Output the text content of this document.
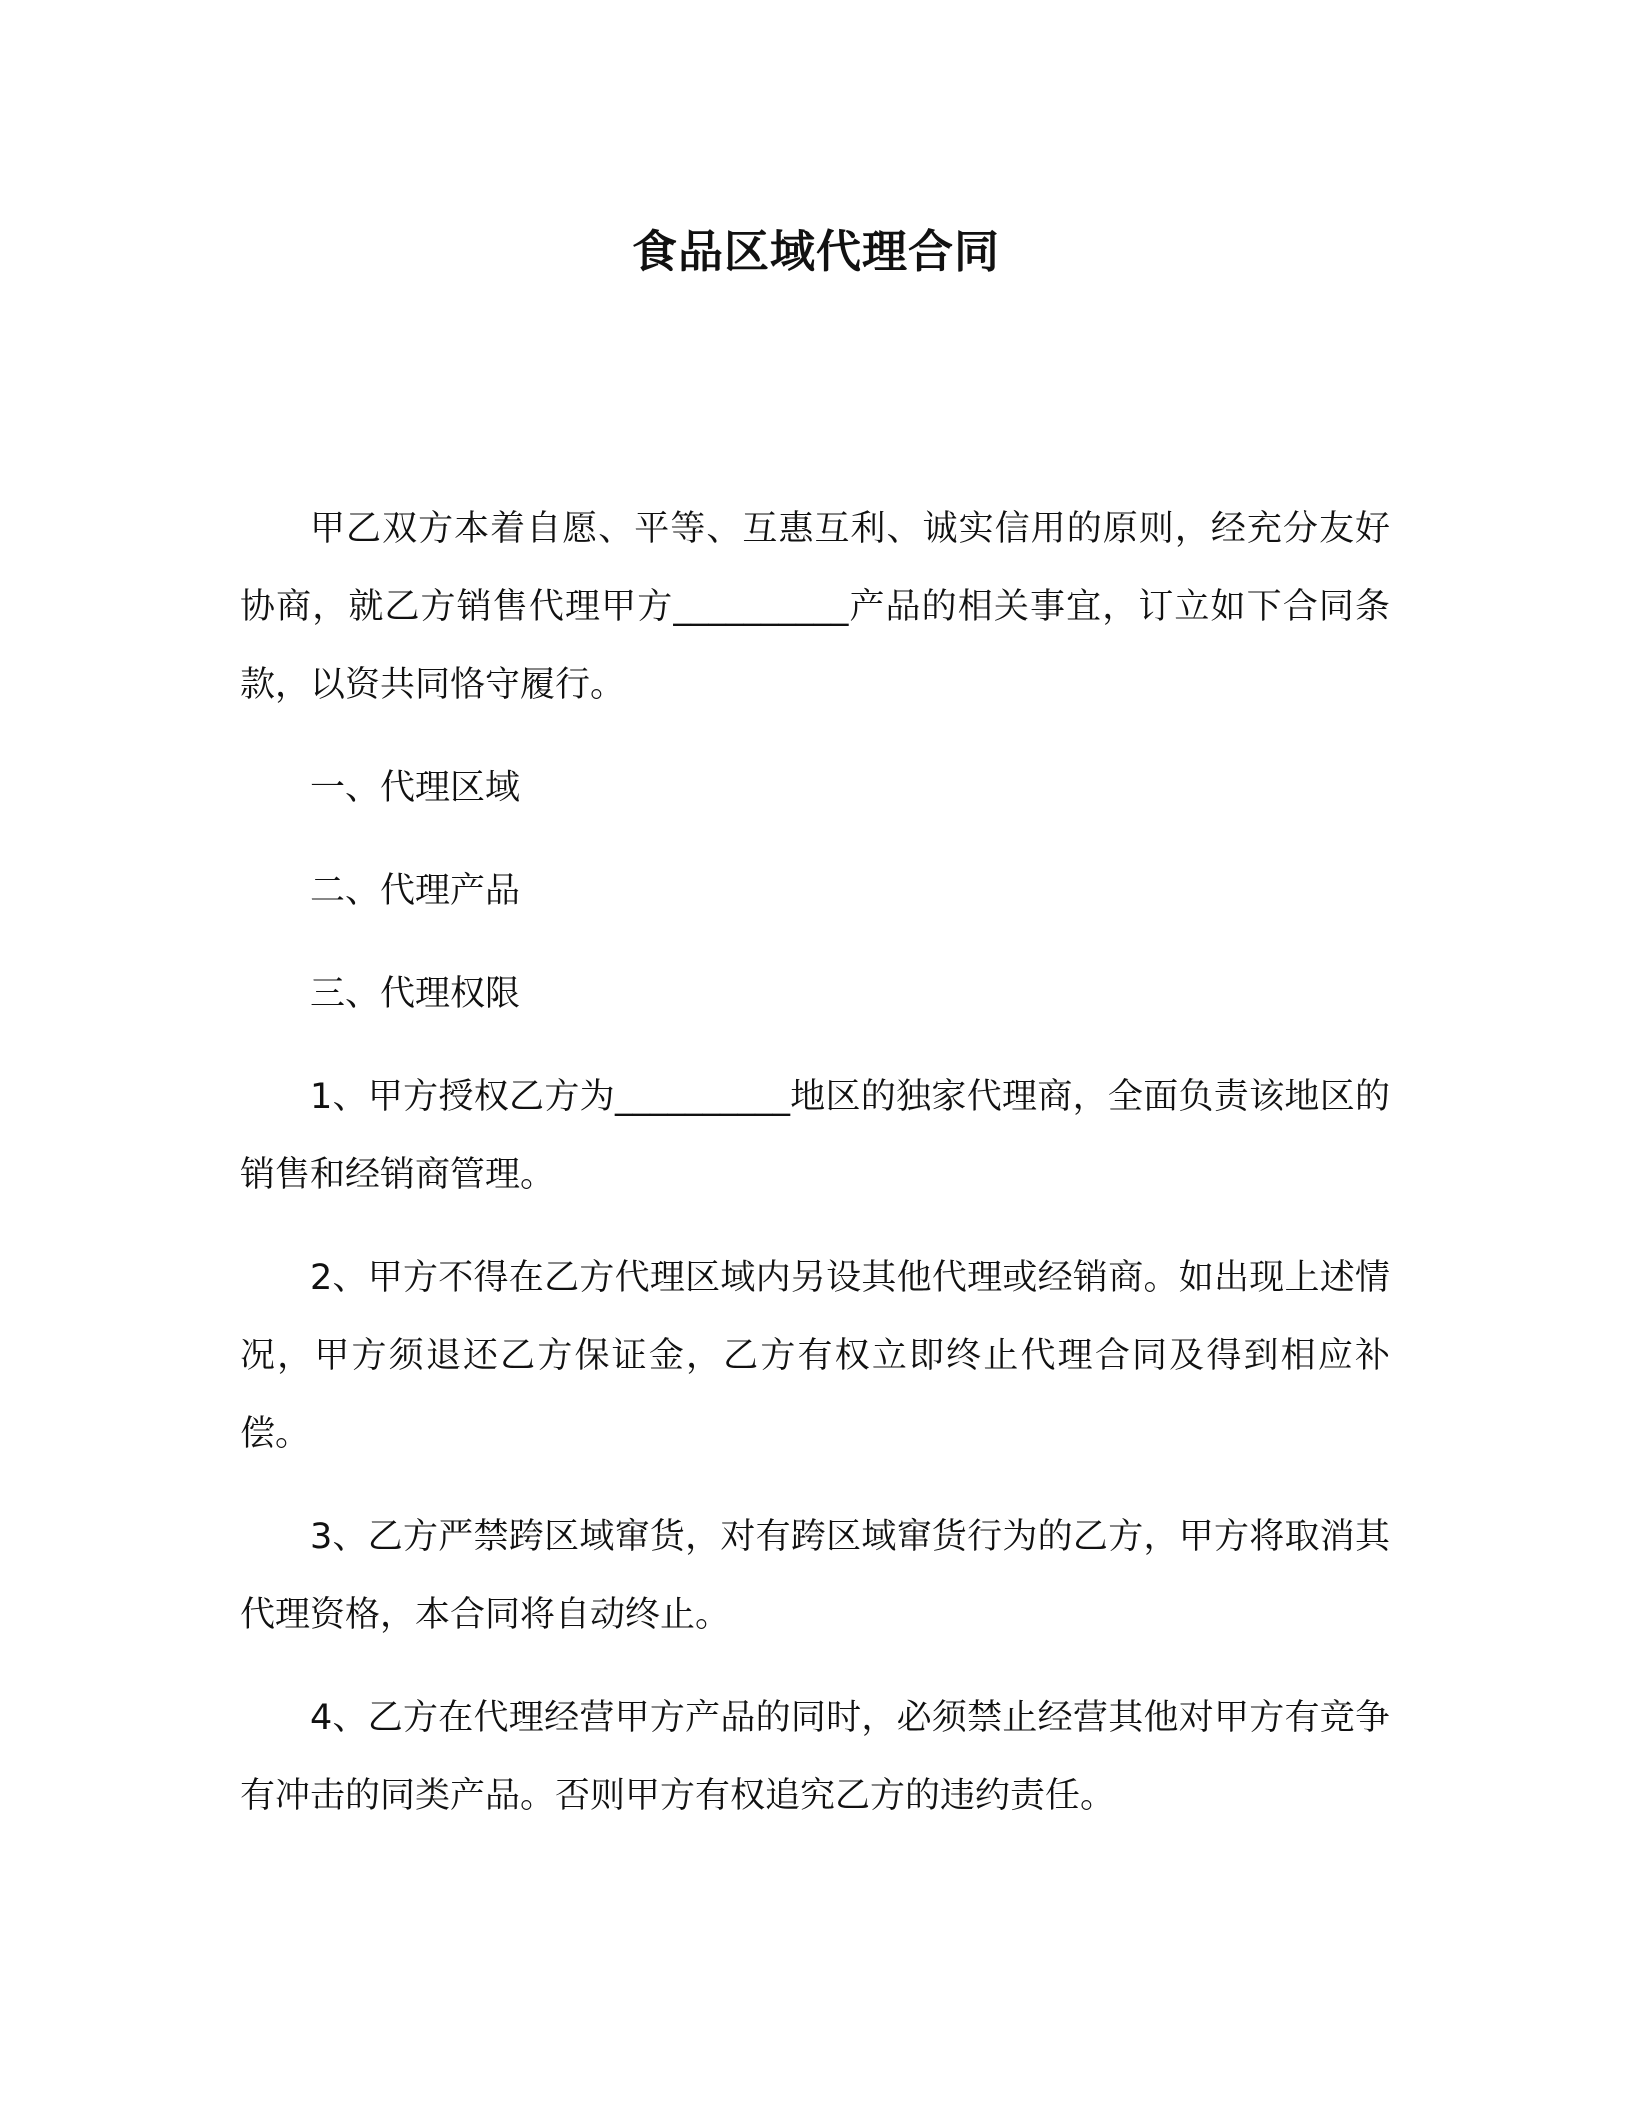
食品区域代理合同

甲乙双方本着自愿、平等、互惠互利、诚实信用的原则，经充分友好协商，就乙方销售代理甲方__________产品的相关事宜，订立如下合同条款，以资共同恪守履行。

一、代理区域

二、代理产品

三、代理权限

1、甲方授权乙方为__________地区的独家代理商，全面负责该地区的销售和经销商管理。

2、甲方不得在乙方代理区域内另设其他代理或经销商。如出现上述情况，甲方须退还乙方保证金，乙方有权立即终止代理合同及得到相应补偿。

3、乙方严禁跨区域窜货，对有跨区域窜货行为的乙方，甲方将取消其代理资格，本合同将自动终止。

4、乙方在代理经营甲方产品的同时，必须禁止经营其他对甲方有竞争有冲击的同类产品。否则甲方有权追究乙方的违约责任。
